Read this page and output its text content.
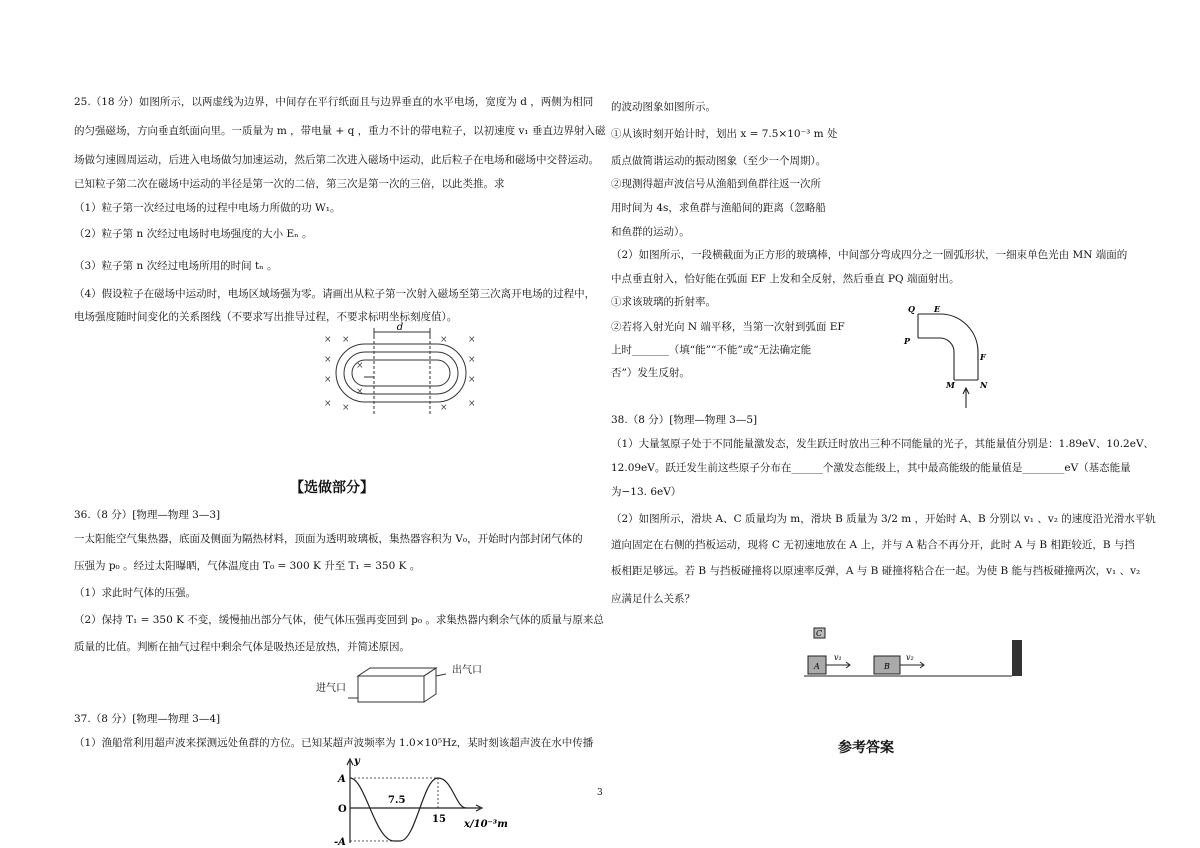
25.（18 分）如图所示，以两虚线为边界，中间存在平行纸面且与边界垂直的水平电场，宽度为 d ，两侧为相同
的匀强磁场，方向垂直纸面向里。一质量为 m ，带电量 + q ，重力不计的带电粒子，以初速度 v₁ 垂直边界射入磁
场做匀速圆周运动，后进入电场做匀加速运动，然后第二次进入磁场中运动，此后粒子在电场和磁场中交替运动。
已知粒子第二次在磁场中运动的半径是第一次的二倍，第三次是第一次的三倍，以此类推。求
（1）粒子第一次经过电场的过程中电场力所做的功 W₁。
（2）粒子第 n 次经过电场时电场强度的大小 Eₙ 。
（3）粒子第 n 次经过电场所用的时间 tₙ 。
（4）假设粒子在磁场中运动时，电场区域场强为零。请画出从粒子第一次射入磁场至第三次离开电场的过程中，
电场强度随时间变化的关系图线（不要求写出推导过程，不要求标明坐标刻度值）。
d
×
×
×
×
×
×
×
×
×
×
×
×
×
×
【选做部分】
36.（8 分）[物理—物理 3—3]
一太阳能空气集热器，底面及侧面为隔热材料，顶面为透明玻璃板，集热器容积为 V₀，开始时内部封闭气体的
压强为 p₀ 。经过太阳曝晒，气体温度由 T₀ = 300 K 升至 T₁ = 350 K 。
（1）求此时气体的压强。
（2）保持 T₁ = 350 K 不变，缓慢抽出部分气体，使气体压强再变回到 p₀ 。求集热器内剩余气体的质量与原来总
质量的比值。判断在抽气过程中剩余气体是吸热还是放热，并简述原因。
进气口
出气口
37.（8 分）[物理—物理 3—4]
（1）渔船常利用超声波来探测远处鱼群的方位。已知某超声波频率为 1.0×10⁵Hz，某时刻该超声波在水中传播
y
A
O
-A
7.5
15 x/10⁻³m
3
的波动图象如图所示。
①从该时刻开始计时，划出 x = 7.5×10⁻³ m 处
质点做简谐运动的振动图象（至少一个周期）。
②现测得超声波信号从渔船到鱼群往返一次所
用时间为 4s，求鱼群与渔船间的距离（忽略船
和鱼群的运动）。
（2）如图所示，一段横截面为正方形的玻璃棒，中间部分弯成四分之一圆弧形状，一细束单色光由 MN 端面的
中点垂直射入，恰好能在弧面 EF 上发和全反射，然后垂直 PQ 端面射出。
①求该玻璃的折射率。
②若将入射光向 N 端平移，当第一次射到弧面 EF
上时_______（填“能”“不能”或“无法确定能
否”）发生反射。
Q E
P
F
M	N
38.（8 分）[物理—物理 3—5]
（1）大量氢原子处于不同能量激发态，发生跃迁时放出三种不同能量的光子，其能量值分别是：1.89eV、10.2eV、
12.09eV。跃迁发生前这些原子分布在______个激发态能级上，其中最高能级的能量值是________eV（基态能量
为−13. 6eV）
（2）如图所示，滑块 A、C 质量均为 m，滑块 B 质量为 3/2 m ，开始时 A、B 分别以 v₁ 、v₂ 的速度沿光滑水平轨
道向固定在右侧的挡板运动，现将 C 无初速地放在 A 上，并与 A 粘合不再分开，此时 A 与 B 相距较近，B 与挡
板相距足够远。若 B 与挡板碰撞将以原速率反弹，A 与 B 碰撞将粘合在一起。为使 B 能与挡板碰撞两次，v₁ 、v₂
应满足什么关系？
C
A	B
v₁	v₂
参考答案
